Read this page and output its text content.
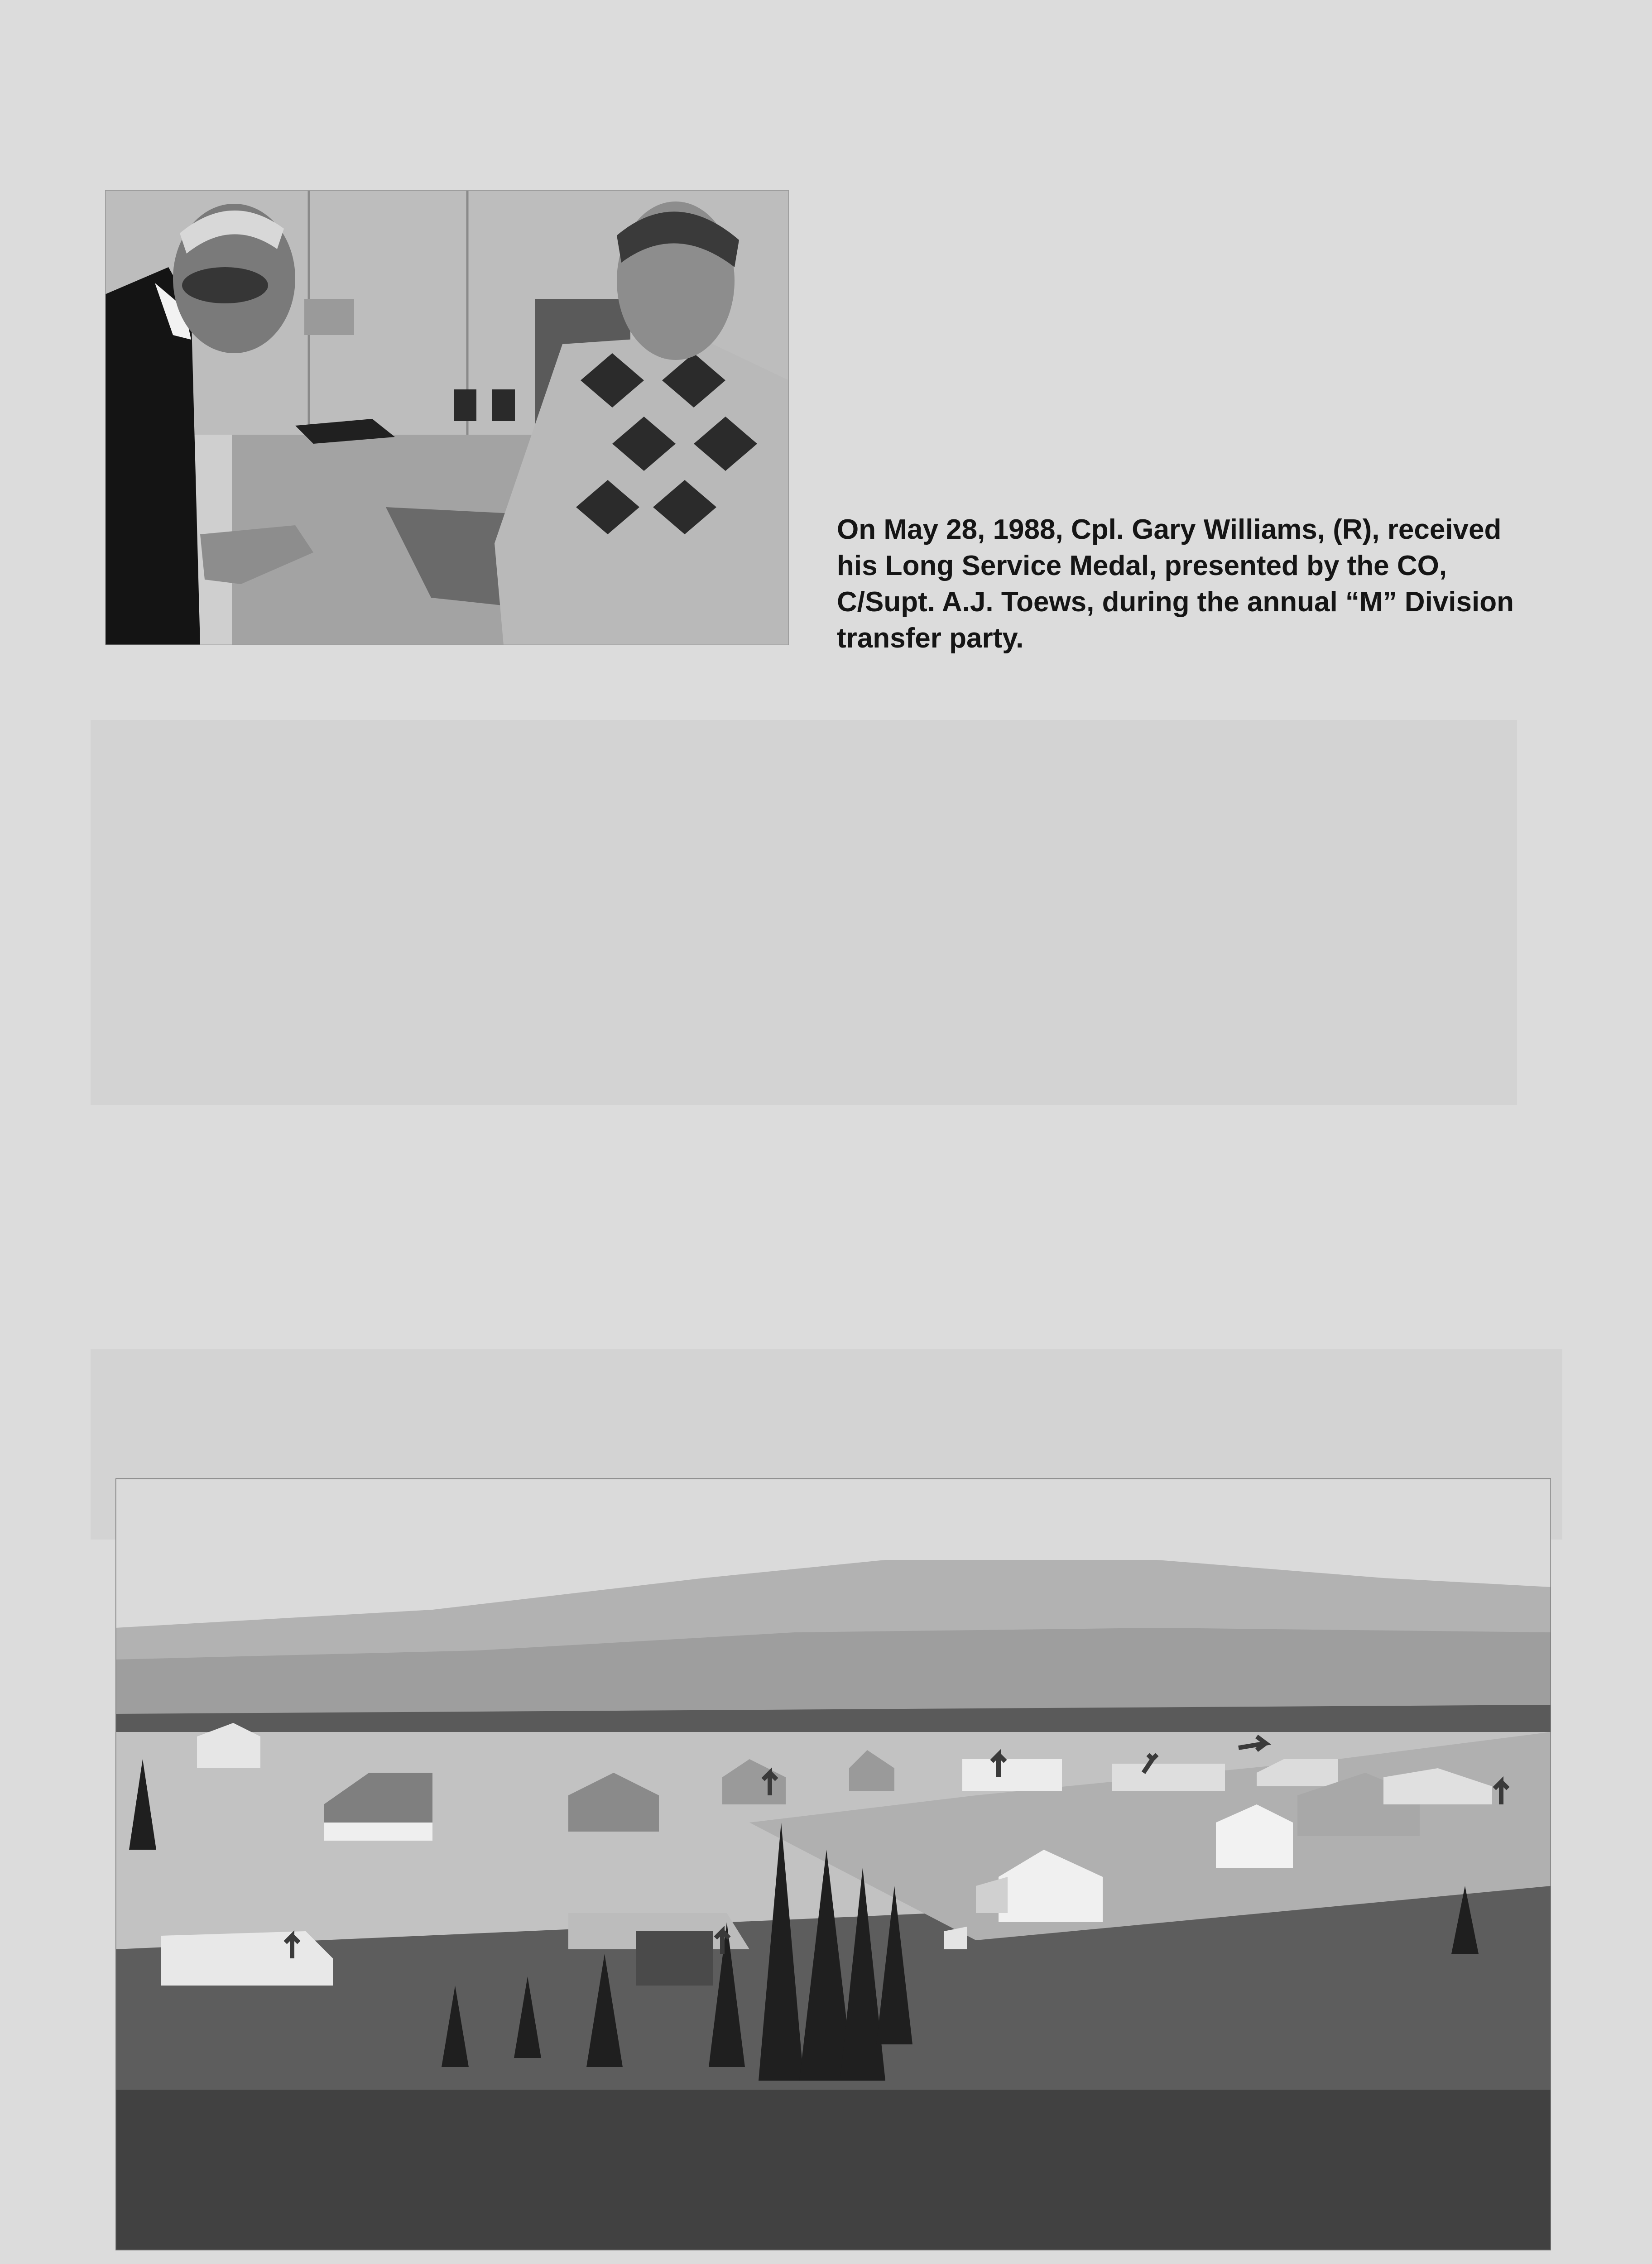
On May 28, 1988, Cpl. Gary Williams, (R), received his Long Service Medal, presented by the CO, C/Supt. A.J. Toews, during the annual “M” Division transfer party.
